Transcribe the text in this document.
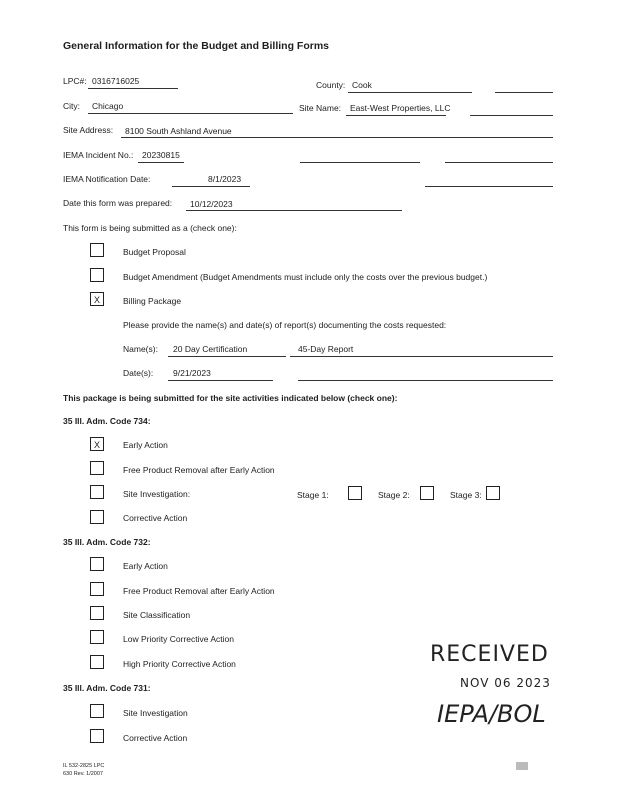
General Information for the Budget and Billing Forms
LPC#: 0316716025	County: Cook
City: Chicago	Site Name: East-West Properties, LLC
Site Address: 8100 South Ashland Avenue
IEMA Incident No.: 20230815
IEMA Notification Date:	8/1/2023
Date this form was prepared: 10/12/2023
This form is being submitted as a (check one):
Budget Proposal
Budget Amendment (Budget Amendments must include only the costs over the previous budget.)
X	Billing Package
Please provide the name(s) and date(s) of report(s) documenting the costs requested:
Name(s): 20 Day Certification	45-Day Report
Date(s): 9/21/2023
This package is being submitted for the site activities indicated below (check one):
35 Ill. Adm. Code 734:
X	Early Action
Free Product Removal after Early Action
Site Investigation:	Stage 1:	Stage 2:	Stage 3:
Corrective Action
35 Ill. Adm. Code 732:
Early Action
Free Product Removal after Early Action
Site Classification
Low Priority Corrective Action
High Priority Corrective Action
35 Ill. Adm. Code 731:
Site Investigation
Corrective Action
RECEIVED
NOV 06 2023
IEPA/BOL
IL 532-2825 LPC
630 Rev. 1/2007
